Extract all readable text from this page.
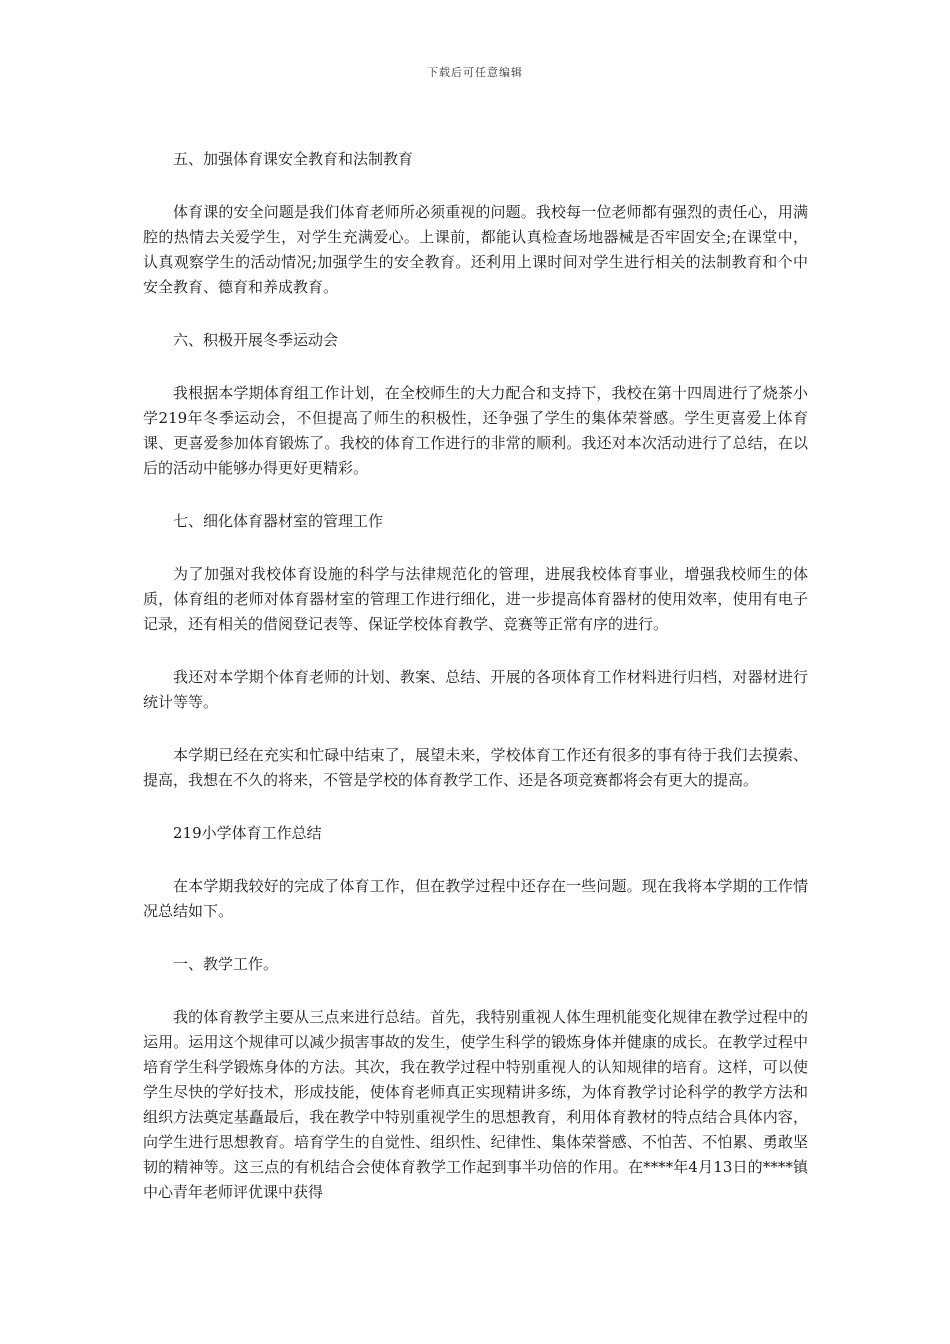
下载后可任意编辑

五、加强体育课安全教育和法制教育

体育课的安全问题是我们体育老师所必须重视的问题。我校每一位老师都有强烈的责任心，用满腔的热情去关爱学生，对学生充满爱心。上课前，都能认真检查场地器械是否牢固安全;在课堂中，认真观察学生的活动情况;加强学生的安全教育。还利用上课时间对学生进行相关的法制教育和个中安全教育、德育和养成教育。

六、积极开展冬季运动会

我根据本学期体育组工作计划，在全校师生的大力配合和支持下，我校在第十四周进行了烧茶小学219年冬季运动会，不但提高了师生的积极性，还争强了学生的集体荣誉感。学生更喜爱上体育课、更喜爱参加体育锻炼了。我校的体育工作进行的非常的顺利。我还对本次活动进行了总结，在以后的活动中能够办得更好更精彩。

七、细化体育器材室的管理工作

为了加强对我校体育设施的科学与法律规范化的管理，进展我校体育事业，增强我校师生的体质，体育组的老师对体育器材室的管理工作进行细化，进一步提高体育器材的使用效率，使用有电子记录，还有相关的借阅登记表等、保证学校体育教学、竞赛等正常有序的进行。

我还对本学期个体育老师的计划、教案、总结、开展的各项体育工作材料进行归档，对器材进行统计等等。

本学期已经在充实和忙碌中结束了，展望未来，学校体育工作还有很多的事有待于我们去摸索、提高，我想在不久的将来，不管是学校的体育教学工作、还是各项竞赛都将会有更大的提高。

219小学体育工作总结

在本学期我较好的完成了体育工作，但在教学过程中还存在一些问题。现在我将本学期的工作情况总结如下。

一、教学工作。

我的体育教学主要从三点来进行总结。首先，我特别重视人体生理机能变化规律在教学过程中的运用。运用这个规律可以减少损害事故的发生，使学生科学的锻炼身体并健康的成长。在教学过程中培育学生科学锻炼身体的方法。其次，我在教学过程中特别重视人的认知规律的培育。这样，可以使学生尽快的学好技术，形成技能，使体育老师真正实现精讲多练，为体育教学讨论科学的教学方法和组织方法奠定基矗最后，我在教学中特别重视学生的思想教育，利用体育教材的特点结合具体内容，向学生进行思想教育。培育学生的自觉性、组织性、纪律性、集体荣誉感、不怕苦、不怕累、勇敢坚韧的精神等。这三点的有机结合会使体育教学工作起到事半功倍的作用。在****年4月13日的****镇中心青年老师评优课中获得
